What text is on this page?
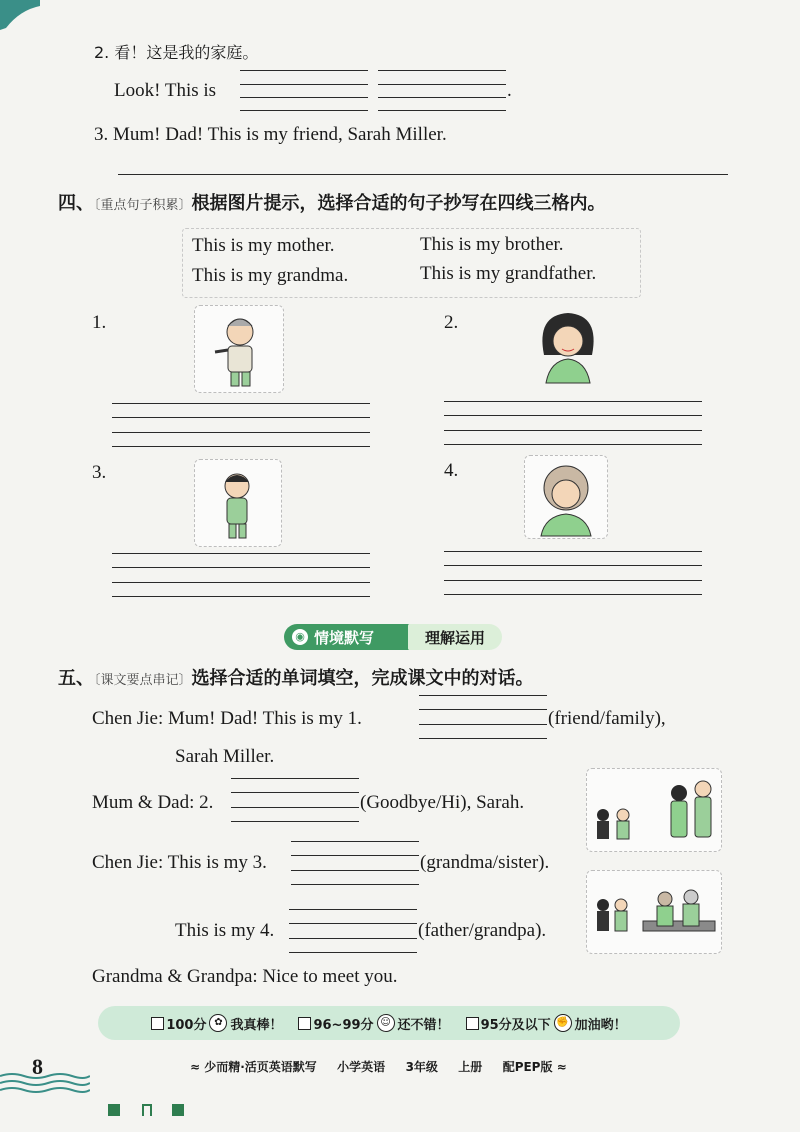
2. 看！这是我的家庭。
Look! This is	.
3. Mum! Dad! This is my friend, Sarah Miller.
四、〔重点句子积累〕根据图片提示，选择合适的句子抄写在四线三格内。
This is my mother.	This is my brother.
This is my grandma.	This is my grandfather.
1.	2.
3.	4.
◉ 情境默写	理解运用
五、〔课文要点串记〕选择合适的单词填空，完成课文中的对话。
Chen Jie: Mum! Dad! This is my 1.	(friend/family),
Sarah Miller.
Mum & Dad: 2.	(Goodbye/Hi), Sarah.
Chen Jie: This is my 3.	(grandma/sister).
This is my 4.	(father/grandpa).
Grandma & Grandpa: Nice to meet you.
100分 ✿ 我真棒！ 96~99分 ☺ 还不错！ 95分及以下 ✊ 加油哟！
8	≈ 少而精·活页英语默写 小学英语 3年级 上册 配PEP版 ≈
